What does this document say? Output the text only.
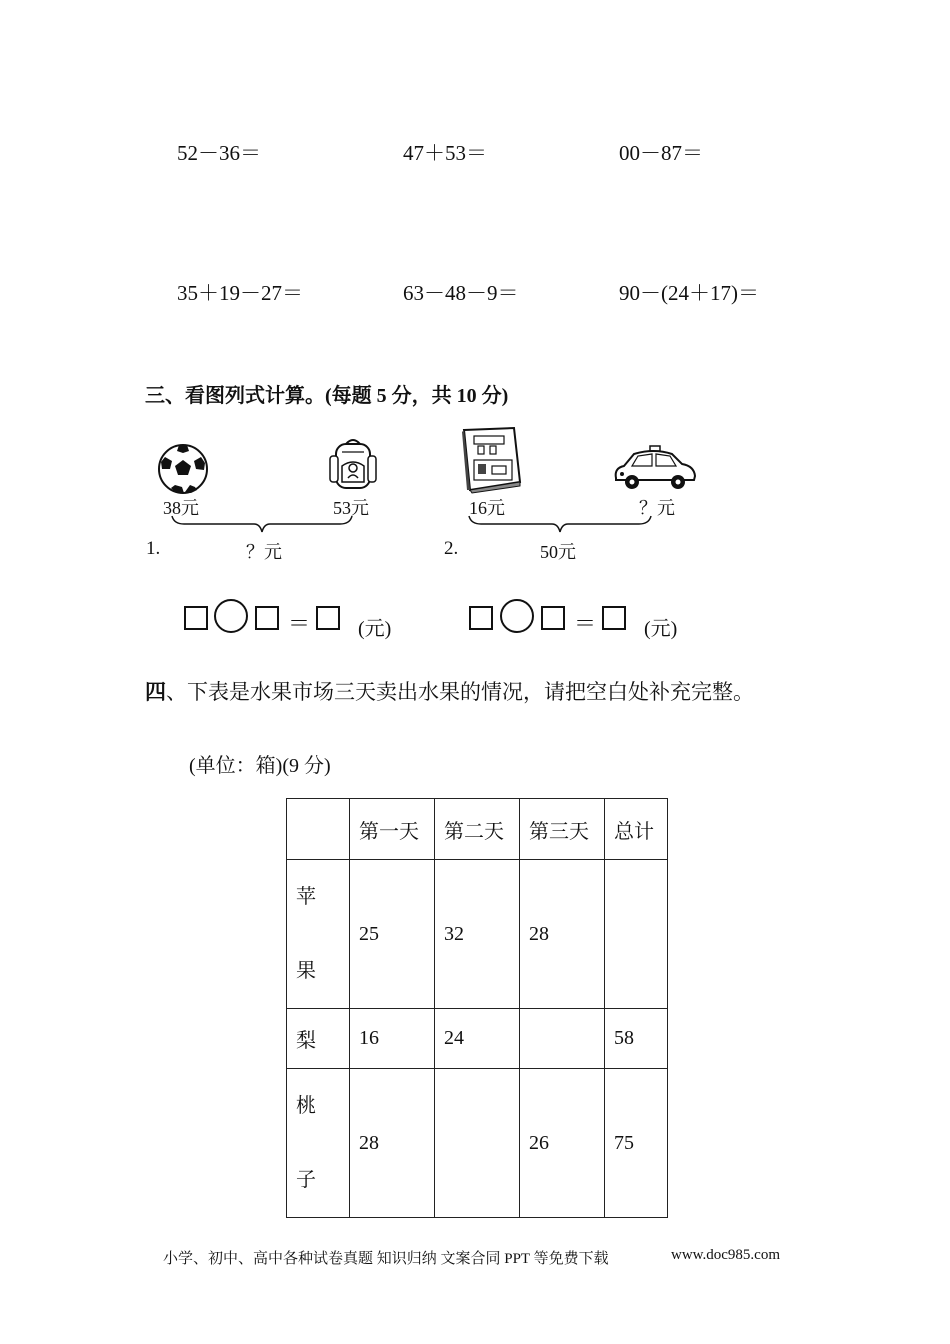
52－36＝	47＋53＝	00－87＝
35＋19－27＝	63－48－9＝	90－(24＋17)＝
三、看图列式计算。(每题 5 分，共 10 分)
38元	53元
1.	？元
＝ (元)
16元	？元
2.	50元
＝ (元)
四、下表是水果市场三天卖出水果的情况，请把空白处补充完整。
(单位：箱)(9 分)
	第一天	第二天	第三天	总计

苹
果	25	32	28	
梨	16	24		58

桃
子	28		26	75
小学、初中、高中各种试卷真题 知识归纳 文案合同 PPT 等免费下载	www.doc985.com
